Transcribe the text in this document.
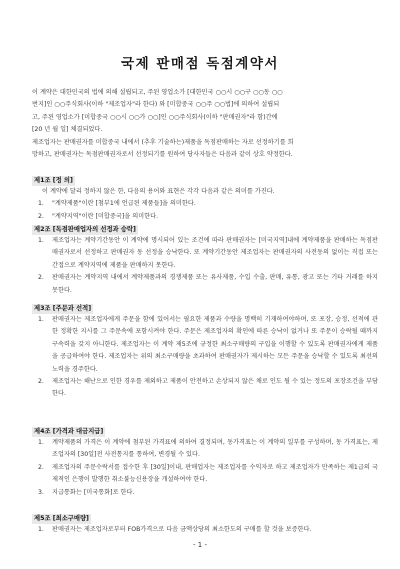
국제 판매점 독점계약서

이 계약은 대한민국의 법에 의해 설립되고, 주된 영업소가 [대한민국 ○○시 ○○구 ○○동 ○○

번지]인 ○○주식회사(이하 "제조업자"라 한다) 와 [미합중국 ○○주 ○○법]에 의하여 설립되

고, 주된 영업소가 [미합중국 ○○시 ○○가 ○○]인 ○○주식회사(이하 "판매권자"라 함)간에

[20 년 월 일] 체결되었다.

제조업자는 판매권자를 미합중국 내에서 (추후 기술하는)제품을 독점판매하는 자로 선정하기를 희

망하고, 판매권자는 독점판매권자로서 선정되기를 원하여 당사자들은 다음과 같이 상호 약정한다.

제1조 [정 의]

이 계약에 달리 정하지 않은 한, 다음의 용어와 표현은 각각 다음과 같은 의미를 가진다.

1. "계약제품"이란 [첨부1에 언급된 제품들]을 의미한다.
2. "계약지역"이란 [미합중국]을 의미한다.
제2조 [독점판매업자의 선정과 승락]
1. 제조업자는 계약기간동안 이 계약에 명시되어 있는 조건에 따라 판매권자는 [미국지역]내에 계약제품을 판매하는 독점판매권자로서 선정하고 판매권자 동 선정을 승낙한다. 또 계약기간동안 제조업자는 판매권자의 사전동의 없이는 직접 또는 간접으로 계약지역에 제품을 판매하지 못한다.
2. 판매권자는 계약지역 내에서 계약제품과의 경쟁제품 또는 유사제품, 수입 수출, 판매, 유통, 광고 또는 기타 거래를 하지 못한다.
제3조 [주문과 선적]
1. 판매권자는 제조업자에게 주문을 함에 있어서는 필요한 제품과 수량을 명백히 기재하여야하며, 또 포장, 승정, 선적에 관한 정확한 지시를 그 주문속에 포함시켜야 한다. 주문은 제조업자의 확인에 따른 승낙이 없거나 또 주문이 승락될 때까지 구속력을 갖지 아니한다. 제조업자는 이 계약 제5조에 규정한 최소구매량의 구입을 이행할 수 있도록 판매권자에게 제품을 공급하여야 한다. 제조업자는 위의 최소구매량을 초과하여 판매권자가 제시하는 모든 주문을 승낙할 수 있도록 최선의 노력을 경주한다.
2. 제조업자는 해난으로 인한 경우를 제외하고 제품이 안전하고 손상되지 않은 채로 인도 될 수 있는 정도의 포장조건을 부담한다.
제4조 [가격과 대금지급]
1. 계약제품의 가격은 이 계약에 첨부된 가격표에 의하여 결정되며, 동가격표는 이 계약의 일부를 구성하며, 동 가격표는, 제조업자의 [30일]전 사전통지를 통하여, 변경될 수 있다.
2. 제조업자의 주문수락서를 접수한 후 [30일]이내, 판매업자는 제조업자를 수익자로 하고 제조업자가 만족하는 제1급의 국제적인 은행이 발행한 취소불능신용장을 개설하여야 한다.
3. 지급통화는 [미국통화]로 한다.
제5조 [최소구매량]
1. 판매권자는 제조업자로부터 FOB가격으로 다음 금액상당의 최소한도의 구매를 할 것을 보증한다.
- 1 -
